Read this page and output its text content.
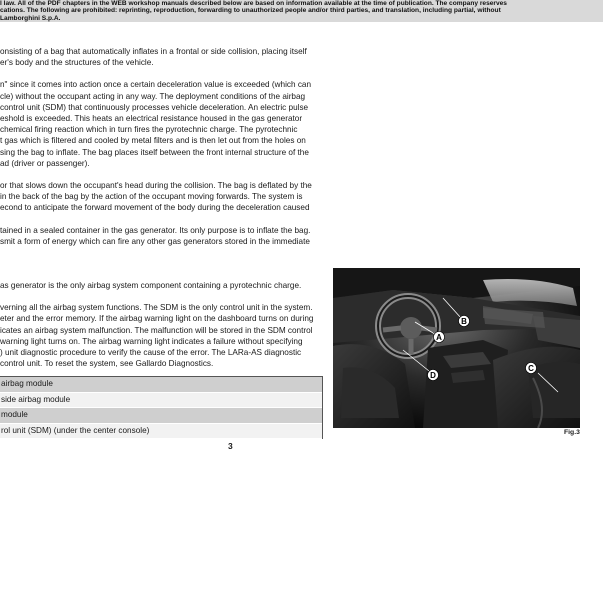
l law. All of the PDF chapters in the WEB workshop manuals described below are based on information available at the time of publication. The company reserves
cations. The following are prohibited: reprinting, reproduction, forwarding to unauthorized people and/or third parties, and translation, including partial, without
Lamborghini S.p.A.

onsisting of a bag that automatically inflates in a frontal or side collision, placing itself

er's body and the structures of the vehicle.

n" since it comes into action once a certain deceleration value is exceeded (which can

cle) without the occupant acting in any way. The deployment conditions of the airbag

control unit (SDM) that continuously processes vehicle deceleration. An electric pulse

eshold is exceeded. This heats an electrical resistance housed in the gas generator

chemical firing reaction which in turn fires the pyrotechnic charge. The pyrotechnic

t gas which is filtered and cooled by metal filters and is then let out from the holes on

sing the bag to inflate. The bag places itself between the front internal structure of the

ad (driver or passenger).

or that slows down the occupant's head during the collision. The bag is deflated by the

in the back of the bag by the action of the occupant moving forwards. The system is

econd to anticipate the forward movement of the body during the deceleration caused

tained in a sealed container in the gas generator. Its only purpose is to inflate the bag.

smit a form of energy which can fire any other gas generators stored in the immediate

as generator is the only airbag system component containing a pyrotechnic charge.

verning all the airbag system functions. The SDM is the only control unit in the system.

eter and the error memory. If the airbag warning light on the dashboard turns on during

icates an airbag system malfunction. The malfunction will be stored in the SDM control

warning light turns on. The airbag warning light indicates a failure without specifying

) unit diagnostic procedure to verify the cause of the error. The LARa-AS diagnostic

control unit. To reset the system, see Gallardo Diagnostics.

airbag module
side airbag module
module
rol unit (SDM) (under the center console)
3
A
B
C
D
Fig.3
